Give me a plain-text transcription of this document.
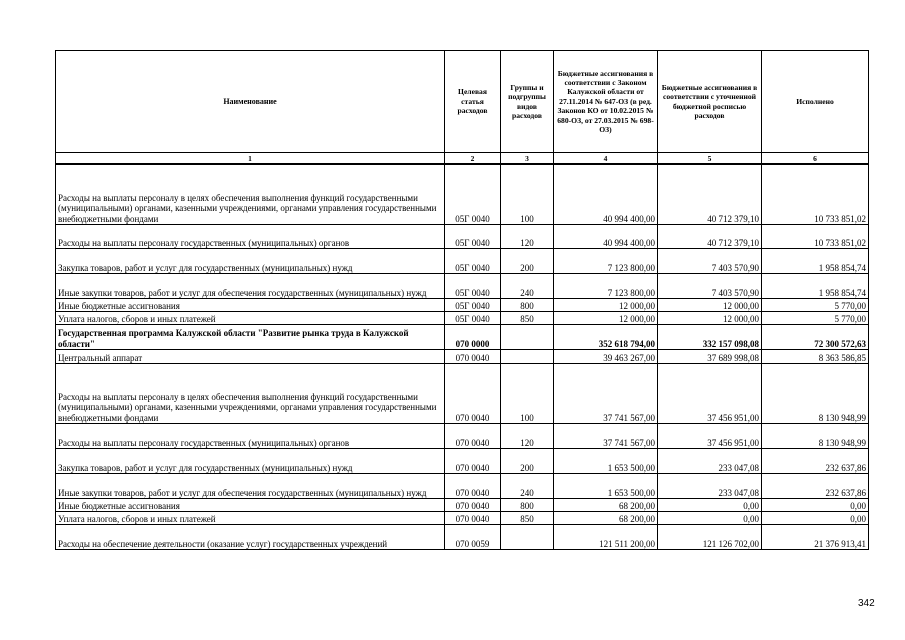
Наименование	Целевая статья расходов	Группы и подгруппы видов расходов	Бюджетные ассигнования в соответствии с Законом Калужской области от 27.11.2014 № 647-ОЗ (в ред. Законов КО от 10.02.2015 № 680-ОЗ, от 27.03.2015 № 698-ОЗ)	Бюджетные ассигнования в соответствии с уточненной бюджетной росписью расходов	Исполнено
1	2	3	4	5	6
Расходы на выплаты персоналу в целях обеспечения выполнения функций государственными (муниципальными) органами, казенными учреждениями, органами управления государственными внебюджетными фондами	05Г 0040	100	40 994 400,00	40 712 379,10	10 733 851,02
Расходы на выплаты персоналу государственных (муниципальных) органов	05Г 0040	120	40 994 400,00	40 712 379,10	10 733 851,02
Закупка товаров, работ и услуг для государственных (муниципальных) нужд	05Г 0040	200	7 123 800,00	7 403 570,90	1 958 854,74
Иные закупки товаров, работ и услуг для обеспечения государственных (муниципальных) нужд	05Г 0040	240	7 123 800,00	7 403 570,90	1 958 854,74
Иные бюджетные ассигнования	05Г 0040	800	12 000,00	12 000,00	5 770,00
Уплата налогов, сборов и иных платежей	05Г 0040	850	12 000,00	12 000,00	5 770,00
Государственная программа Калужской области "Развитие рынка труда в Калужской области"	070 0000		352 618 794,00	332 157 098,08	72 300 572,63
Центральный аппарат	070 0040		39 463 267,00	37 689 998,08	8 363 586,85
Расходы на выплаты персоналу в целях обеспечения выполнения функций государственными (муниципальными) органами, казенными учреждениями, органами управления государственными внебюджетными фондами	070 0040	100	37 741 567,00	37 456 951,00	8 130 948,99
Расходы на выплаты персоналу государственных (муниципальных) органов	070 0040	120	37 741 567,00	37 456 951,00	8 130 948,99
Закупка товаров, работ и услуг для государственных (муниципальных) нужд	070 0040	200	1 653 500,00	233 047,08	232 637,86
Иные закупки товаров, работ и услуг для обеспечения государственных (муниципальных) нужд	070 0040	240	1 653 500,00	233 047,08	232 637,86
Иные бюджетные ассигнования	070 0040	800	68 200,00	0,00	0,00
Уплата налогов, сборов и иных платежей	070 0040	850	68 200,00	0,00	0,00
Расходы на обеспечение деятельности (оказание услуг) государственных учреждений	070 0059		121 511 200,00	121 126 702,00	21 376 913,41
342
